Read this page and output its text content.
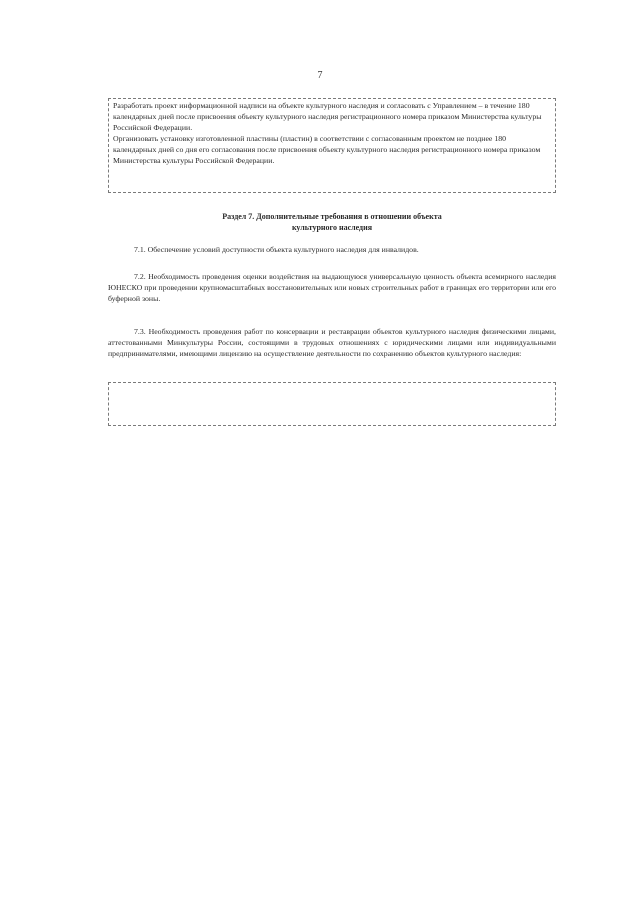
7

Разработать проект информационной надписи на объекте культурного наследия и согласовать с Управлением – в течение 180 календарных дней после присвоения объекту культурного наследия регистрационного номера приказом Министерства культуры Российской Федерации.

Организовать установку изготовленной пластины (пластин) в соответствии с согласованным проектом не позднее 180 календарных дней со дня его согласования после присвоения объекту культурного наследия регистрационного номера приказом Министерства культуры Российской Федерации.

Раздел 7. Дополнительные требования в отношении объекта
культурного наследия

7.1. Обеспечение условий доступности объекта культурного наследия для инвалидов.

7.2. Необходимость проведения оценки воздействия на выдающуюся универсальную ценность объекта всемирного наследия ЮНЕСКО при проведении крупномасштабных восстановительных или новых строительных работ в границах его территории или его буферной зоны.

7.3. Необходимость проведения работ по консервации и реставрации объектов культурного наследия физическими лицами, аттестованными Минкультуры России, состоящими в трудовых отношениях с юридическими лицами или индивидуальными предпринимателями, имеющими лицензию на осуществление деятельности по сохранению объектов культурного наследия:
